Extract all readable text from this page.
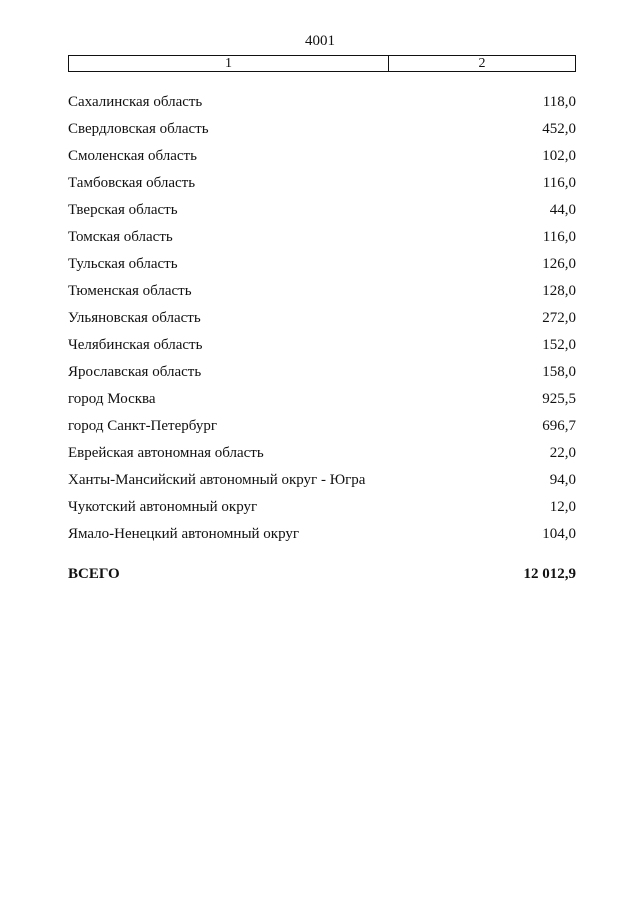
4001
1	2
Сахалинская область	118,0
Свердловская область	452,0
Смоленская область	102,0
Тамбовская область	116,0
Тверская область	44,0
Томская область	116,0
Тульская область	126,0
Тюменская область	128,0
Ульяновская область	272,0
Челябинская область	152,0
Ярославская область	158,0
город Москва	925,5
город Санкт-Петербург	696,7
Еврейская автономная область	22,0
Ханты-Мансийский автономный округ - Югра	94,0
Чукотский автономный округ	12,0
Ямало-Ненецкий автономный округ	104,0
ВСЕГО	12 012,9
